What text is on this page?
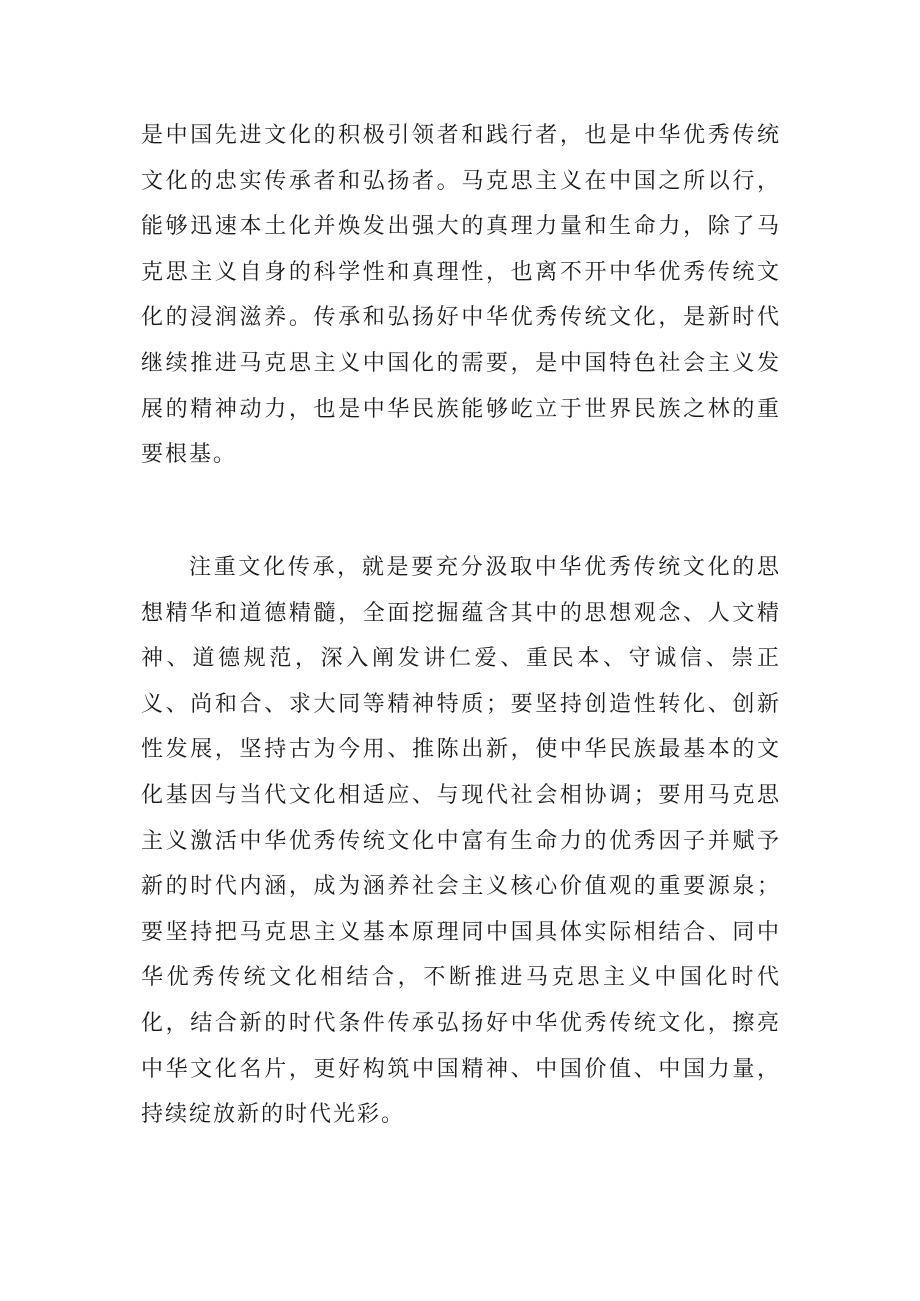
是中国先进文化的积极引领者和践行者，也是中华优秀传统文化的忠实传承者和弘扬者。马克思主义在中国之所以行，能够迅速本土化并焕发出强大的真理力量和生命力，除了马克思主义自身的科学性和真理性，也离不开中华优秀传统文化的浸润滋养。传承和弘扬好中华优秀传统文化，是新时代继续推进马克思主义中国化的需要，是中国特色社会主义发展的精神动力，也是中华民族能够屹立于世界民族之林的重要根基。

注重文化传承，就是要充分汲取中华优秀传统文化的思想精华和道德精髓，全面挖掘蕴含其中的思想观念、人文精神、道德规范，深入阐发讲仁爱、重民本、守诚信、崇正义、尚和合、求大同等精神特质；要坚持创造性转化、创新性发展，坚持古为今用、推陈出新，使中华民族最基本的文化基因与当代文化相适应、与现代社会相协调；要用马克思主义激活中华优秀传统文化中富有生命力的优秀因子并赋予新的时代内涵，成为涵养社会主义核心价值观的重要源泉；要坚持把马克思主义基本原理同中国具体实际相结合、同中华优秀传统文化相结合，不断推进马克思主义中国化时代化，结合新的时代条件传承弘扬好中华优秀传统文化，擦亮中华文化名片，更好构筑中国精神、中国价值、中国力量，持续绽放新的时代光彩。
